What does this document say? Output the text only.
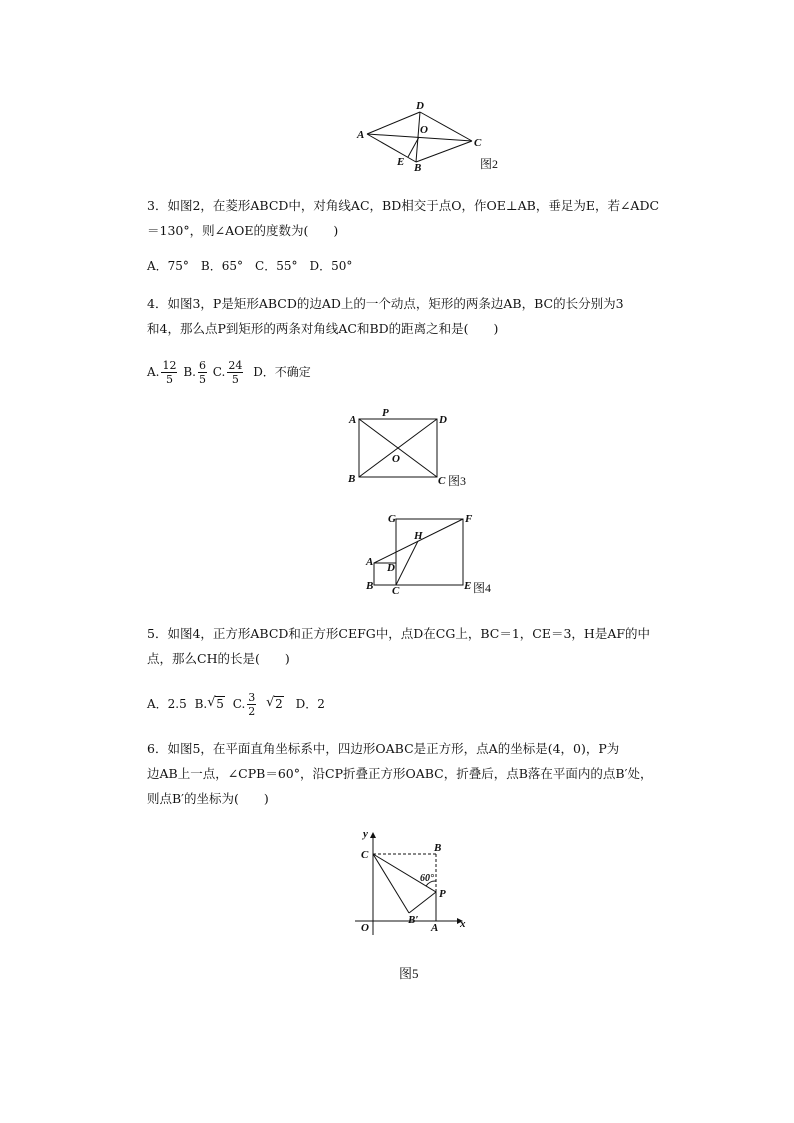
A
D
O
C
E B	图2
3．如图2，在菱形ABCD中，对角线AC，BD相交于点O，作OE⊥AB，垂足为E，若∠ADC
＝130°，则∠AOE的度数为(　　)
A．75°　B．65°　C．55°　D．50°
4．如图3，P是矩形ABCD的边AD上的一个动点，矩形的两条边AB，BC的长分别为3
和4，那么点P到矩形的两条对角线AC和BD的距离之和是(　　)
A. $\frac{12}{5} B$. $\frac{6}{5} C$. $\frac{24}{5}$ D．不确定
A
P
D
O
B	C 图3
G	F
H
A D
B C	E 图4
5．如图4，正方形ABCD和正方形CEFG中，点D在CG上，BC＝1，CE＝3，H是AF的中
点，那么CH的长是(　　)
A．2.5 B. √ 5 C. $\frac{3}{2}$
√ 2 D．2
6．如图5，在平面直角坐标系中，四边形OABC是正方形，点A的坐标是(4，0)，P为
边AB上一点，∠CPB＝60°，沿CP折叠正方形OABC，折叠后，点B落在平面内的点B′处，
则点B′的坐标为(　　)
y
x
C
B
60°
P
B′
O	A
图5
